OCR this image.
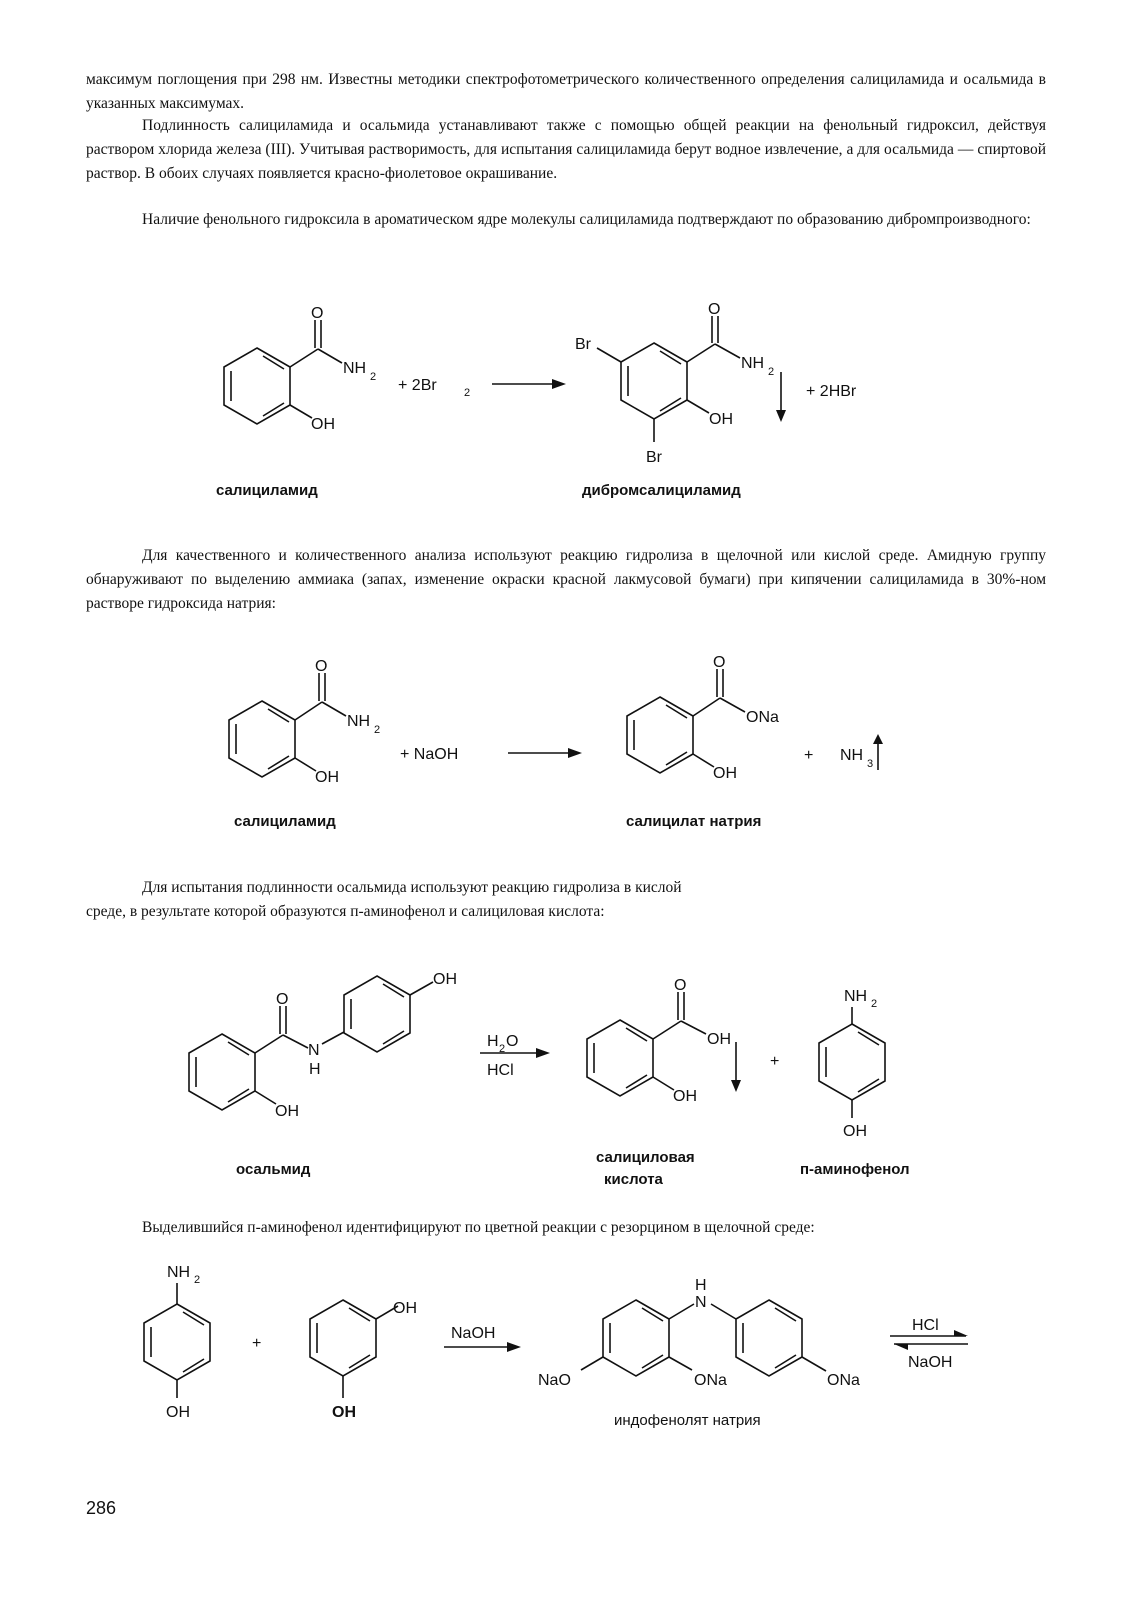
максимум поглощения при 298 нм. Известны методики спектрофотометрического количественного определения салициламида и осальмида в указанных максимумах.

Подлинность салициламида и осальмида устанавливают также с помощью общей реакции на фенольный гидроксил, действуя раствором хлорида железа (III). Учитывая растворимость, для испытания салициламида берут водное извлечение, а для осальмида — спиртовой раствор. В обоих случаях появляется красно-фиолетовое окрашивание.

Наличие фенольного гидроксила в ароматическом ядре молекулы салициламида подтверждают по образованию дибромпроизводного:

O
NH 2
OH
+ 2Br 2
O
NH 2
OH
Br
Br
+ 2HBr
салициламид	дибромсалициламид

Для качественного и количественного анализа используют реакцию гидролиза в щелочной или кислой среде. Амидную группу обнаруживают по выделению аммиака (запах, изменение окраски красной лакмусовой бумаги) при кипячении салициламида в 30%-ном растворе гидроксида натрия:

O
NH 2
OH
+ NaOH
O
ONa
OH
+ NH 3
салициламид	салицилат натрия

Для испытания подлинности осальмида используют реакцию гидролиза в кислой

среде, в результате которой образуются п-аминофенол и салициловая кислота:

O
N
H
OH
OH
H 2 O
HCl
O
OH
OH
+
NH 2
OH
осальмид
салициловая
кислота
п-аминофенол

Выделившийся п-аминофенол идентифицируют по цветной реакции с резорцином в щелочной среде:

NH 2
OH
+
OH
OH
NaOH
H
N
NaO	ONa	ONa
HCl
NaOH
индофенолят натрия
286
